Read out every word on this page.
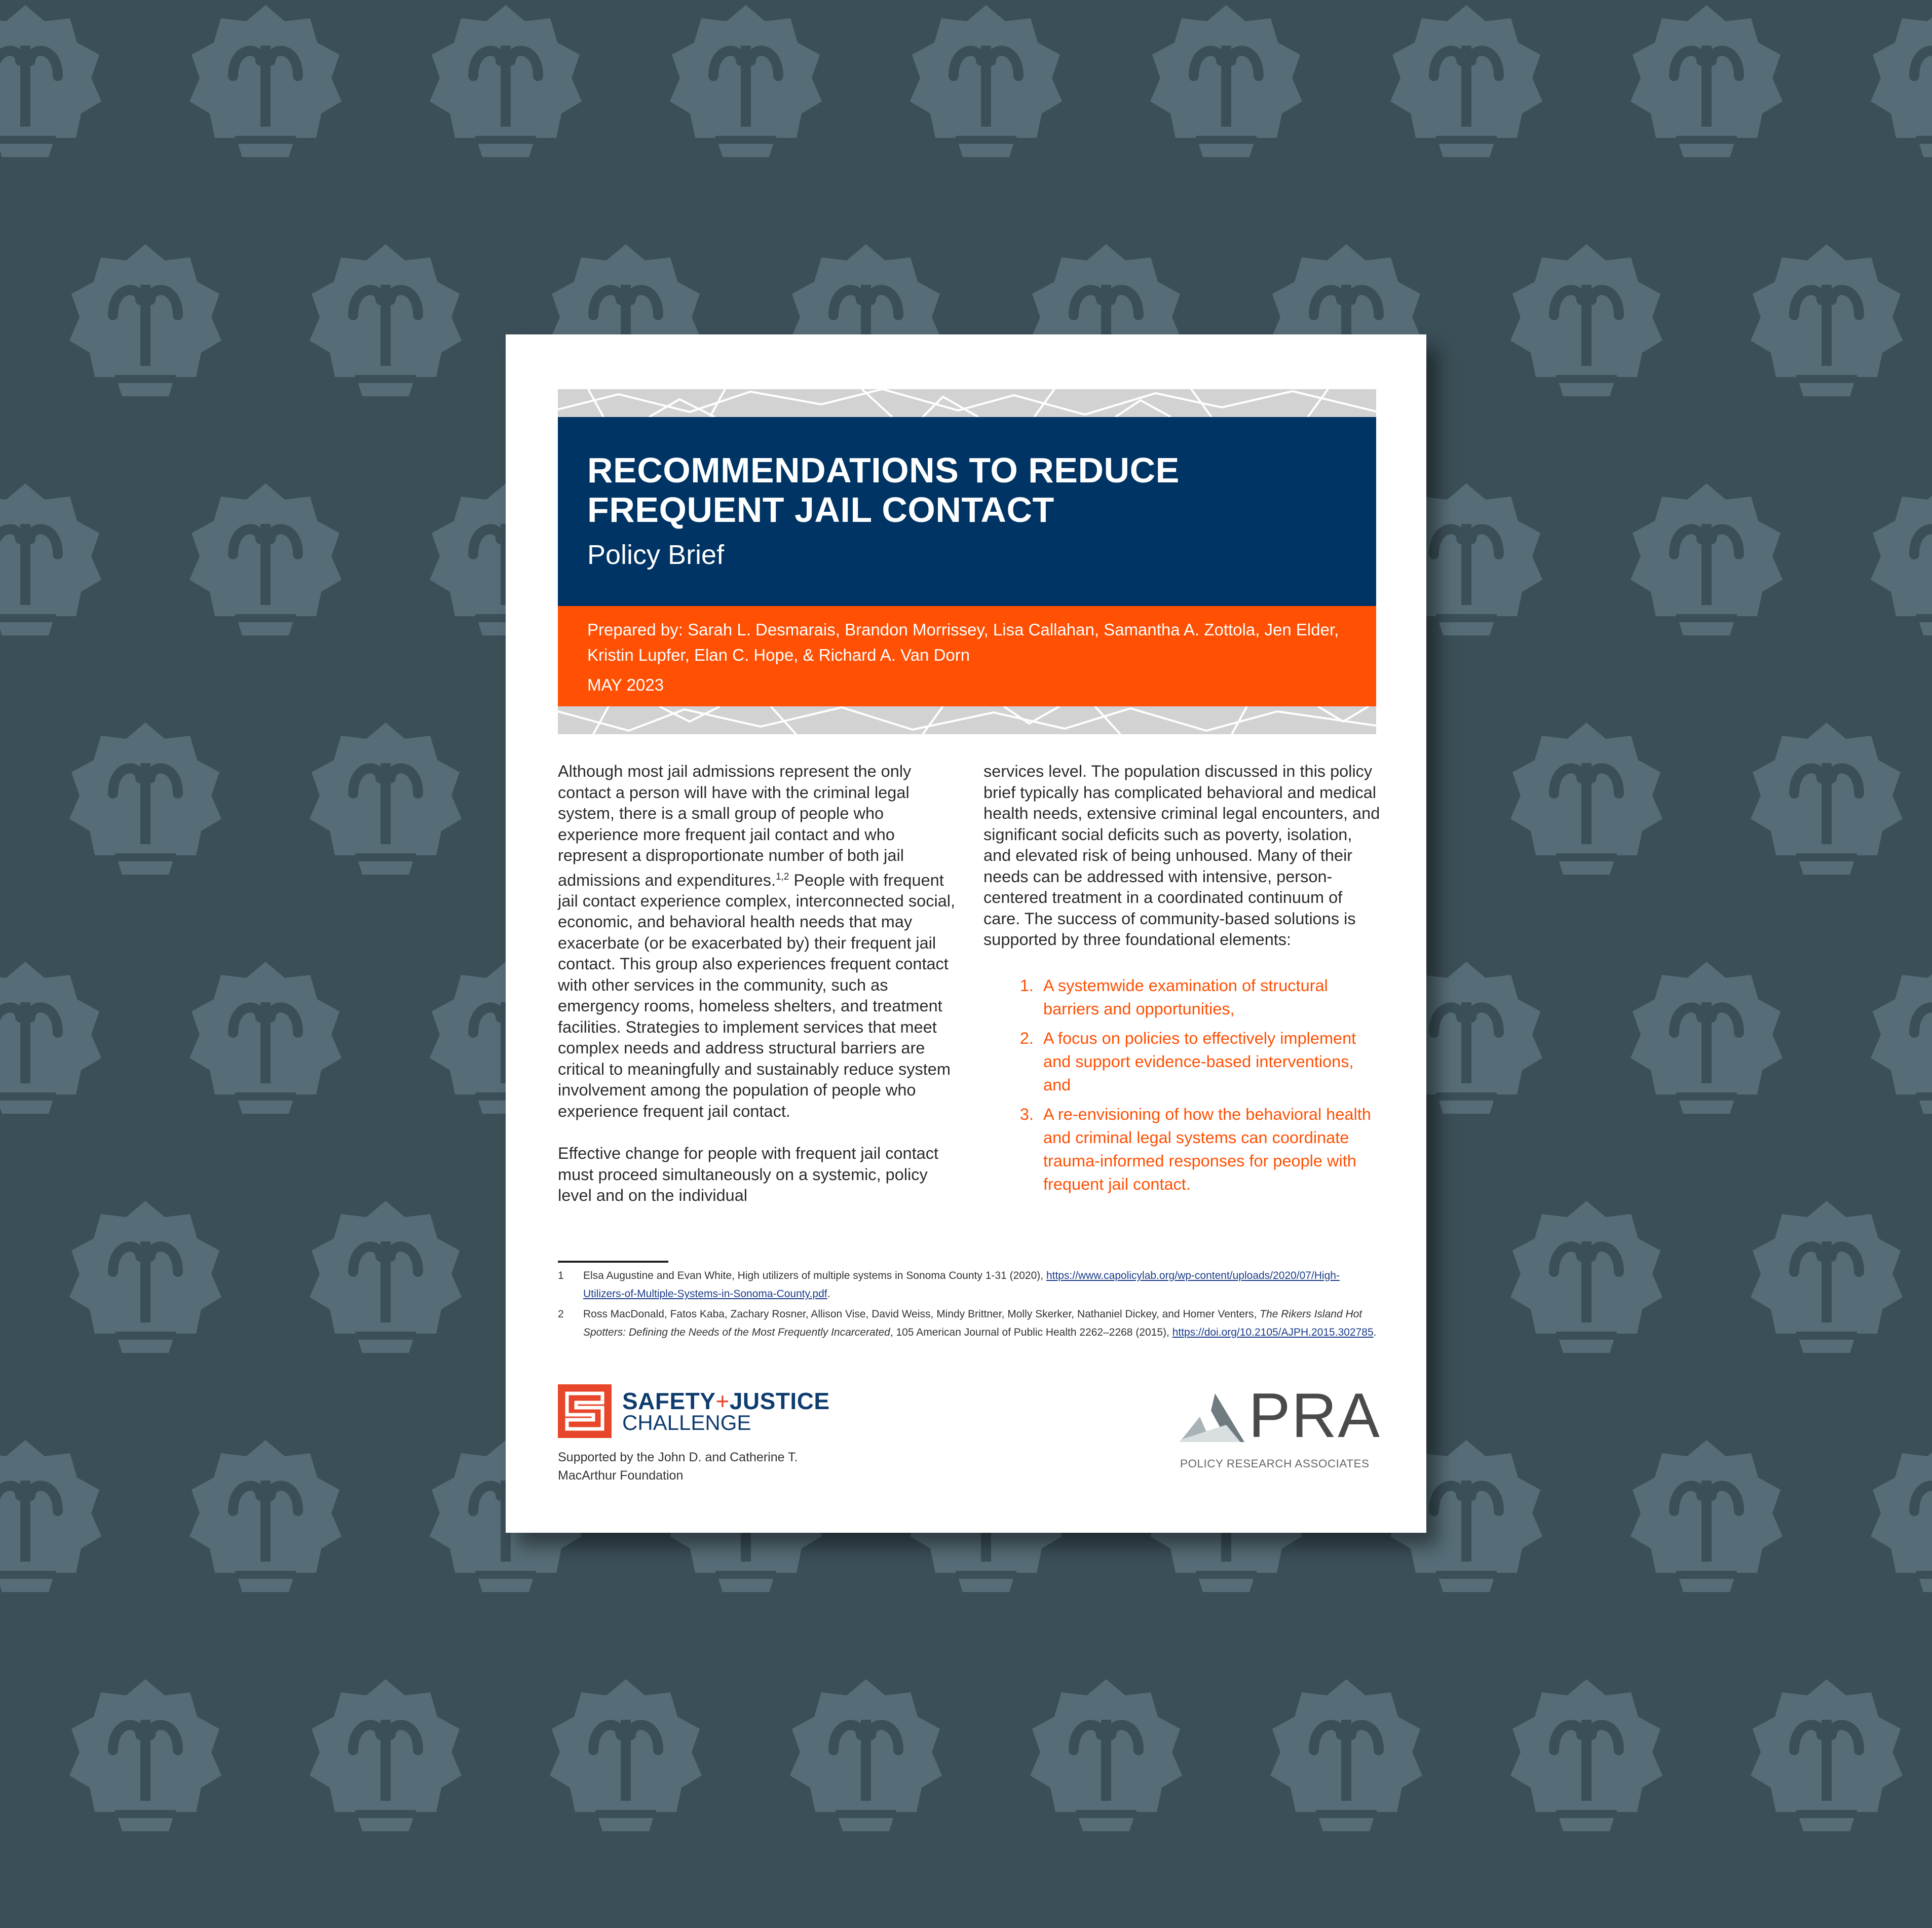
RECOMMENDATIONS TO REDUCE
FREQUENT JAIL CONTACT
Policy Brief
Prepared by: Sarah L. Desmarais, Brandon Morrissey, Lisa Callahan, Samantha A. Zottola, Jen Elder, Kristin Lupfer, Elan C. Hope, & Richard A. Van Dorn
MAY 2023

Although most jail admissions represent the only contact a person will have with the criminal legal system, there is a small group of people who experience more frequent jail contact and who represent a disproportionate number of both jail admissions and expenditures.$^{1,2}$ People with frequent jail contact experience complex, interconnected social, economic, and behavioral health needs that may exacerbate (or be exacerbated by) their frequent jail contact. This group also experiences frequent contact with other services in the community, such as emergency rooms, homeless shelters, and treatment facilities. Strategies to implement services that meet complex needs and address structural barriers are critical to meaningfully and sustainably reduce system involvement among the population of people who experience frequent jail contact.

Effective change for people with frequent jail contact must proceed simultaneously on a systemic, policy level and on the individual

services level. The population discussed in this policy brief typically has complicated behavioral and medical health needs, extensive criminal legal encounters, and significant social deficits such as poverty, isolation, and elevated risk of being unhoused. Many of their needs can be addressed with intensive, person-centered treatment in a coordinated continuum of care. The success of community-based solutions is supported by three foundational elements:

1. A systemwide examination of structural barriers and opportunities,
2. A focus on policies to effectively implement and support evidence-based interventions, and
3. A re-envisioning of how the behavioral health and criminal legal systems can coordinate trauma-informed responses for people with frequent jail contact.
1 Elsa Augustine and Evan White, High utilizers of multiple systems in Sonoma County 1-31 (2020), https://www.capolicylab.org/wp-content/uploads/2020/07/High-Utilizers-of-Multiple-Systems-in-Sonoma-County.pdf.
2 Ross MacDonald, Fatos Kaba, Zachary Rosner, Allison Vise, David Weiss, Mindy Brittner, Molly Skerker, Nathaniel Dickey, and Homer Venters, The Rikers Island Hot Spotters: Defining the Needs of the Most Frequently Incarcerated, 105 American Journal of Public Health 2262–2268 (2015), https://doi.org/10.2105/AJPH.2015.302785.
SAFETY+JUSTICE
CHALLENGE
Supported by the John D. and Catherine T. MacArthur Foundation
PRA
POLICY RESEARCH ASSOCIATES
